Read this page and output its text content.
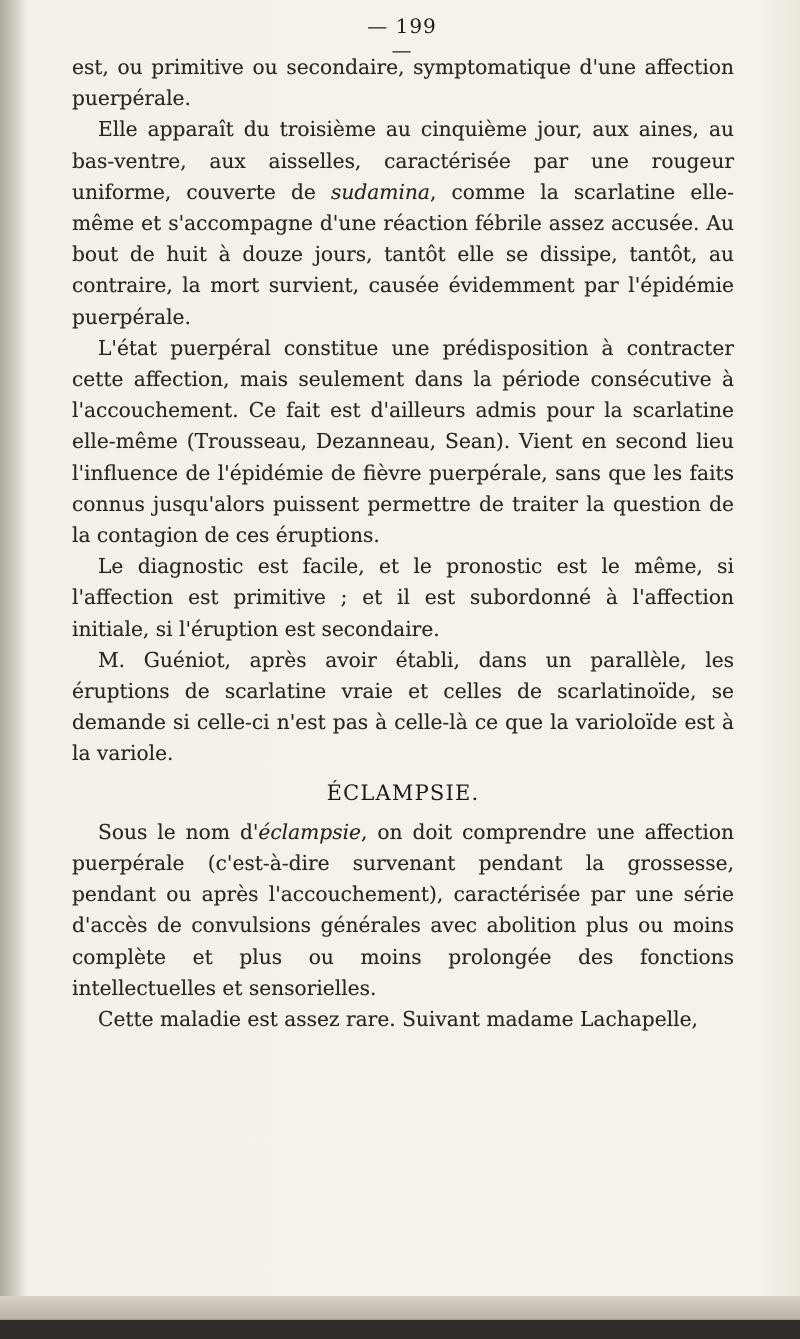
— 199 —

est, ou primitive ou secondaire, symptomatique d'une affection puerpérale.

Elle apparaît du troisième au cinquième jour, aux aines, au bas-ventre, aux aisselles, caractérisée par une rougeur uniforme, couverte de sudamina, comme la scarlatine elle-même et s'accompagne d'une réaction fébrile assez accusée. Au bout de huit à douze jours, tantôt elle se dissipe, tantôt, au contraire, la mort survient, causée évidemment par l'épidémie puerpérale.

L'état puerpéral constitue une prédisposition à contracter cette affection, mais seulement dans la période consécutive à l'accouchement. Ce fait est d'ailleurs admis pour la scarlatine elle-même (Trousseau, Dezanneau, Sean). Vient en second lieu l'influence de l'épidémie de fièvre puerpérale, sans que les faits connus jusqu'alors puissent permettre de traiter la question de la contagion de ces éruptions.

Le diagnostic est facile, et le pronostic est le même, si l'affection est primitive ; et il est subordonné à l'affection initiale, si l'éruption est secondaire.

M. Guéniot, après avoir établi, dans un parallèle, les éruptions de scarlatine vraie et celles de scarlatinoïde, se demande si celle-ci n'est pas à celle-là ce que la varioloïde est à la variole.

ÉCLAMPSIE.

Sous le nom d'éclampsie, on doit comprendre une affection puerpérale (c'est-à-dire survenant pendant la grossesse, pendant ou après l'accouchement), caractérisée par une série d'accès de convulsions générales avec abolition plus ou moins complète et plus ou moins prolongée des fonctions intellectuelles et sensorielles.

Cette maladie est assez rare. Suivant madame Lachapelle,
